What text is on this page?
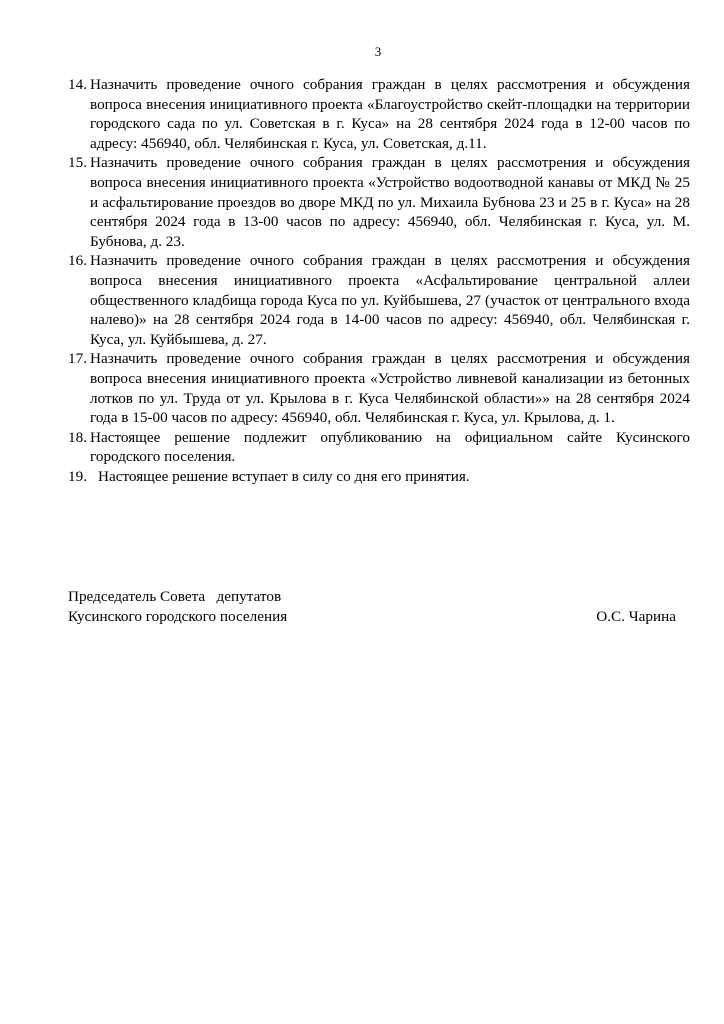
3
14. Назначить проведение очного собрания граждан в целях рассмотрения и обсуждения вопроса внесения инициативного проекта «Благоустройство скейт-площадки на территории городского сада по ул. Советская в г. Куса» на 28 сентября 2024 года в 12-00 часов по адресу: 456940, обл. Челябинская г. Куса, ул. Советская, д.11.
15. Назначить проведение очного собрания граждан в целях рассмотрения и обсуждения вопроса внесения инициативного проекта «Устройство водоотводной канавы от МКД № 25 и асфальтирование проездов во дворе МКД по ул. Михаила Бубнова 23 и 25 в г. Куса» на 28 сентября 2024 года в 13-00 часов по адресу: 456940, обл. Челябинская г. Куса, ул. М. Бубнова, д. 23.
16. Назначить проведение очного собрания граждан в целях рассмотрения и обсуждения вопроса внесения инициативного проекта «Асфальтирование центральной аллеи общественного кладбища города Куса по ул. Куйбышева, 27 (участок от центрального входа налево)» на 28 сентября 2024 года в 14-00 часов по адресу: 456940, обл. Челябинская г. Куса, ул. Куйбышева, д. 27.
17. Назначить проведение очного собрания граждан в целях рассмотрения и обсуждения вопроса внесения инициативного проекта «Устройство ливневой канализации из бетонных лотков по ул. Труда от ул. Крылова в г. Куса Челябинской области»» на 28 сентября 2024 года в 15-00 часов по адресу: 456940, обл. Челябинская г. Куса, ул. Крылова, д. 1.
18. Настоящее решение подлежит опубликованию на официальном сайте Кусинского городского поселения.
19. Настоящее решение вступает в силу со дня его принятия.
Председатель Совета   депутатов
Кусинского городского поселения	О.С. Чарина
